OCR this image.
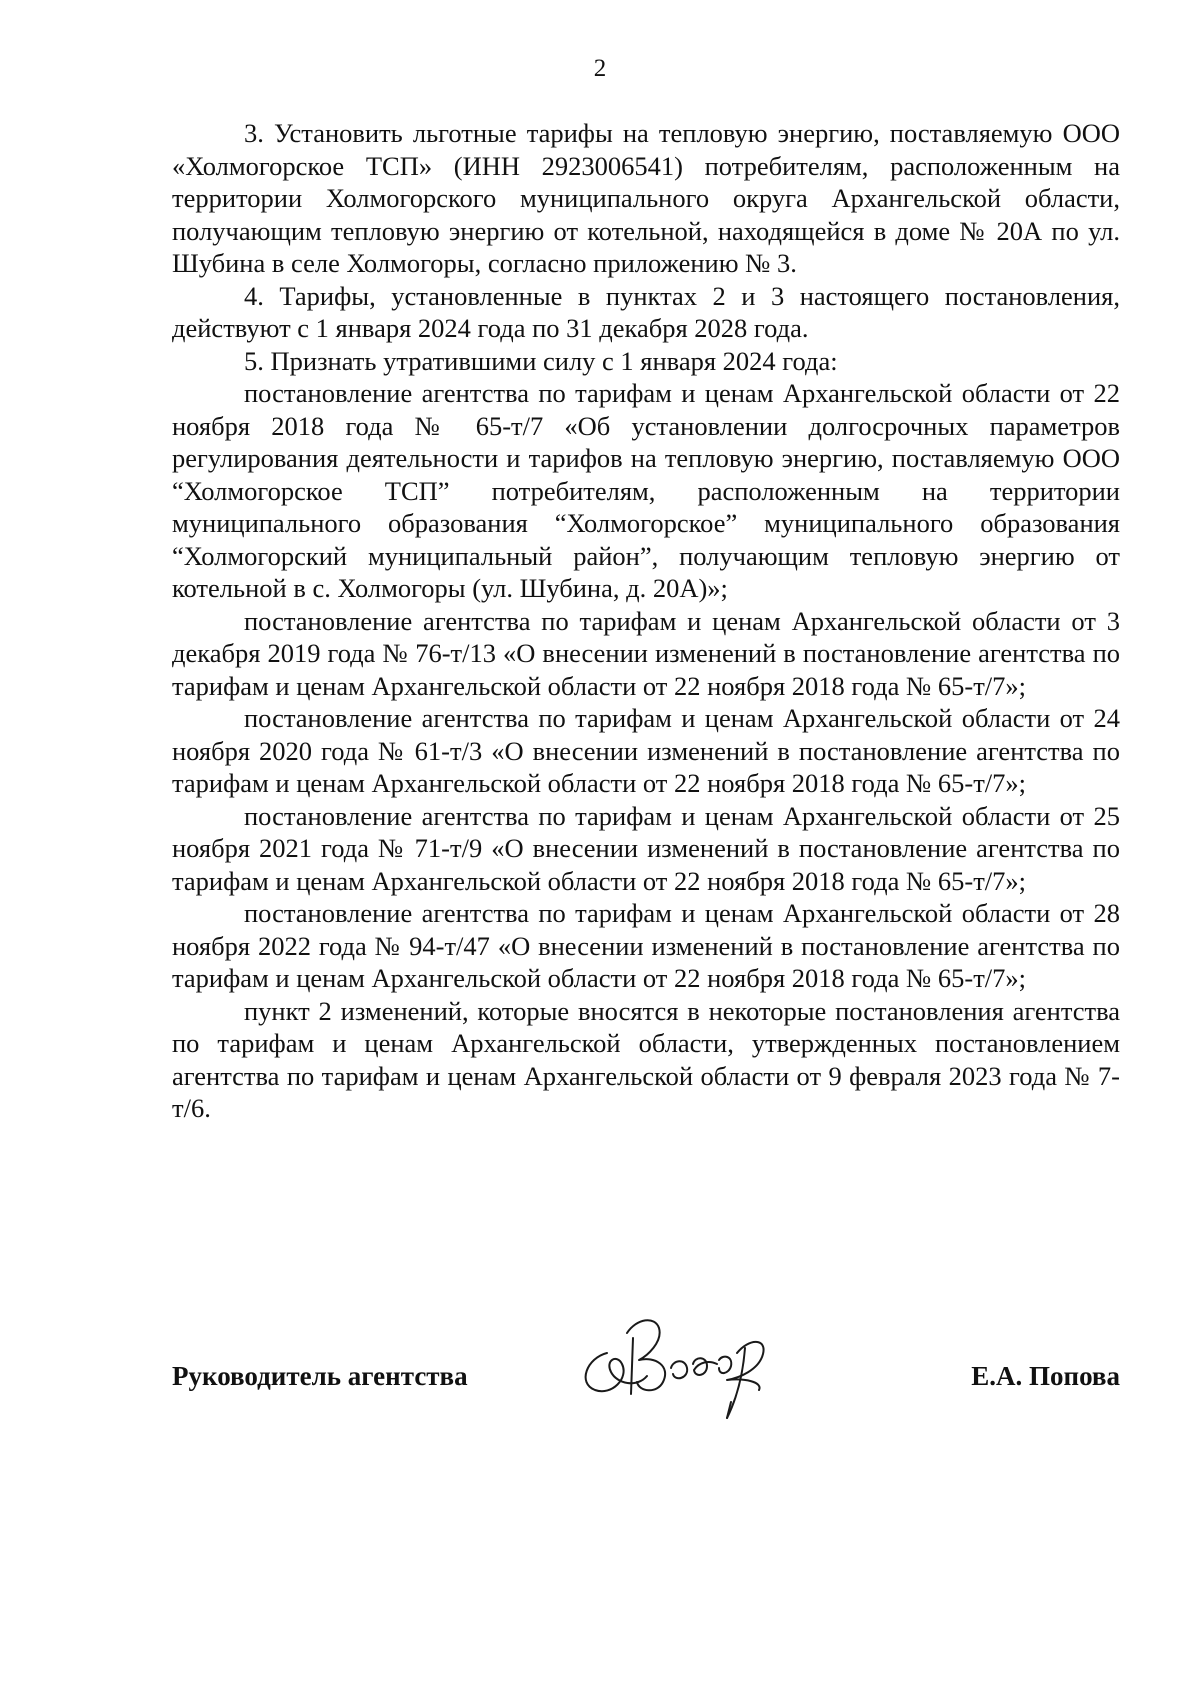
2

3. Установить льготные тарифы на тепловую энергию, поставляемую ООО «Холмогорское ТСП» (ИНН 2923006541) потребителям, расположенным на территории Холмогорского муниципального округа Архангельской области, получающим тепловую энергию от котельной, находящейся в доме № 20А по ул. Шубина в селе Холмогоры, согласно приложению № 3.

4. Тарифы, установленные в пунктах 2 и 3 настоящего постановления, действуют с 1 января 2024 года по 31 декабря 2028 года.

5. Признать утратившими силу с 1 января 2024 года:

постановление агентства по тарифам и ценам Архангельской области от 22 ноября 2018 года № 65-т/7 «Об установлении долгосрочных параметров регулирования деятельности и тарифов на тепловую энергию, поставляемую ООО “Холмогорское ТСП” потребителям, расположенным на территории муниципального образования “Холмогорское” муниципального образования “Холмогорский муниципальный район”, получающим тепловую энергию от котельной в с. Холмогоры (ул. Шубина, д. 20А)»;

постановление агентства по тарифам и ценам Архангельской области от 3 декабря 2019 года № 76-т/13 «О внесении изменений в постановление агентства по тарифам и ценам Архангельской области от 22 ноября 2018 года № 65-т/7»;

постановление агентства по тарифам и ценам Архангельской области от 24 ноября 2020 года № 61-т/3 «О внесении изменений в постановление агентства по тарифам и ценам Архангельской области от 22 ноября 2018 года № 65-т/7»;

постановление агентства по тарифам и ценам Архангельской области от 25 ноября 2021 года № 71-т/9 «О внесении изменений в постановление агентства по тарифам и ценам Архангельской области от 22 ноября 2018 года № 65-т/7»;

постановление агентства по тарифам и ценам Архангельской области от 28 ноября 2022 года № 94-т/47 «О внесении изменений в постановление агентства по тарифам и ценам Архангельской области от 22 ноября 2018 года № 65-т/7»;

пункт 2 изменений, которые вносятся в некоторые постановления агентства по тарифам и ценам Архангельской области, утвержденных постановлением агентства по тарифам и ценам Архангельской области от 9 февраля 2023 года № 7-т/6.

Руководитель агентства	Е.А. Попова
